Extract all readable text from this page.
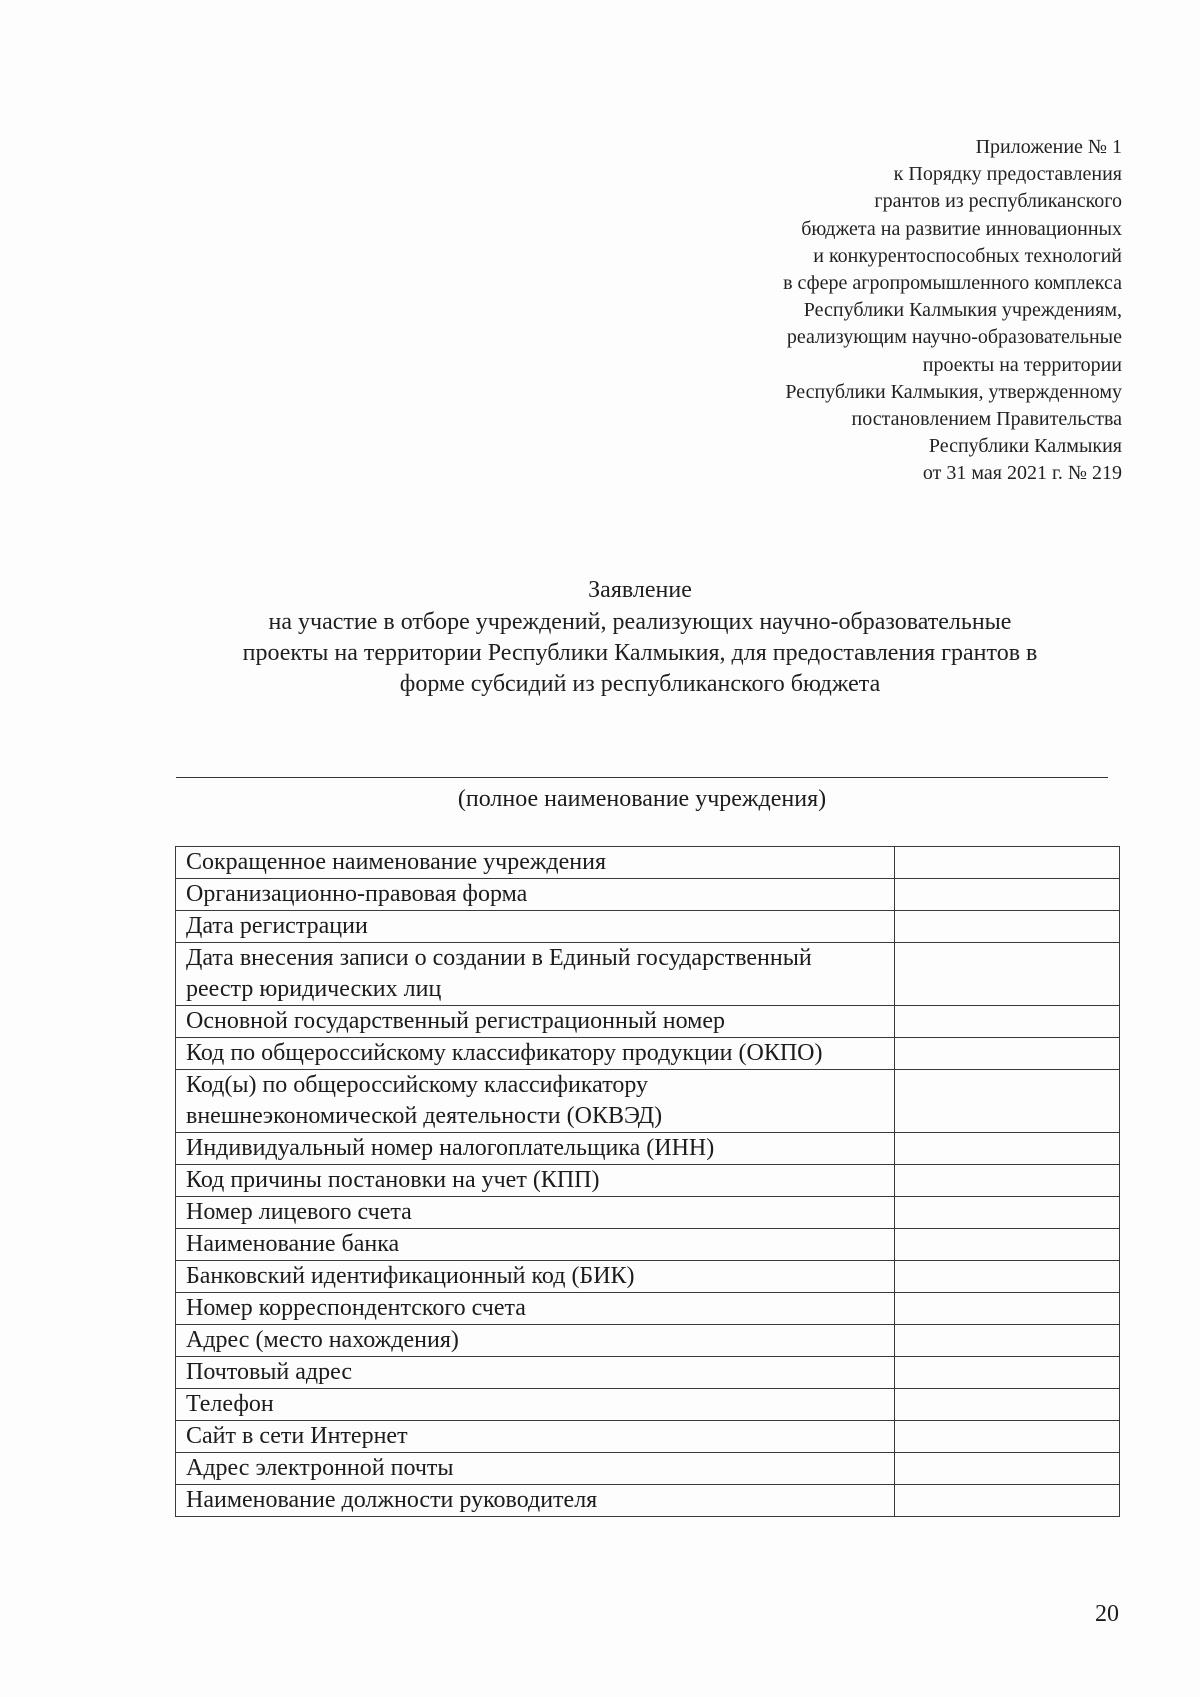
Приложение № 1
к Порядку предоставления
грантов из республиканского
бюджета на развитие инновационных
и конкурентоспособных технологий
в сфере агропромышленного комплекса
Республики Калмыкия учреждениям,
реализующим научно-образовательные
проекты на территории
Республики Калмыкия, утвержденному
постановлением Правительства
Республики Калмыкия
от 31 мая 2021 г. № 219
Заявление
на участие в отборе учреждений, реализующих научно-образовательные
проекты на территории Республики Калмыкия, для предоставления грантов в
форме субсидий из республиканского бюджета
(полное наименование учреждения)
Сокращенное наименование учреждения	
Организационно-правовая форма	
Дата регистрации	
Дата внесения записи о создании в Единый государственный реестр юридических лиц	
Основной государственный регистрационный номер	
Код по общероссийскому классификатору продукции (ОКПО)	
Код(ы) по общероссийскому классификатору внешнеэкономической деятельности (ОКВЭД)	
Индивидуальный номер налогоплательщика (ИНН)	
Код причины постановки на учет (КПП)	
Номер лицевого счета	
Наименование банка	
Банковский идентификационный код (БИК)	
Номер корреспондентского счета	
Адрес (место нахождения)	
Почтовый адрес	
Телефон	
Сайт в сети Интернет	
Адрес электронной почты	
Наименование должности руководителя	
20
